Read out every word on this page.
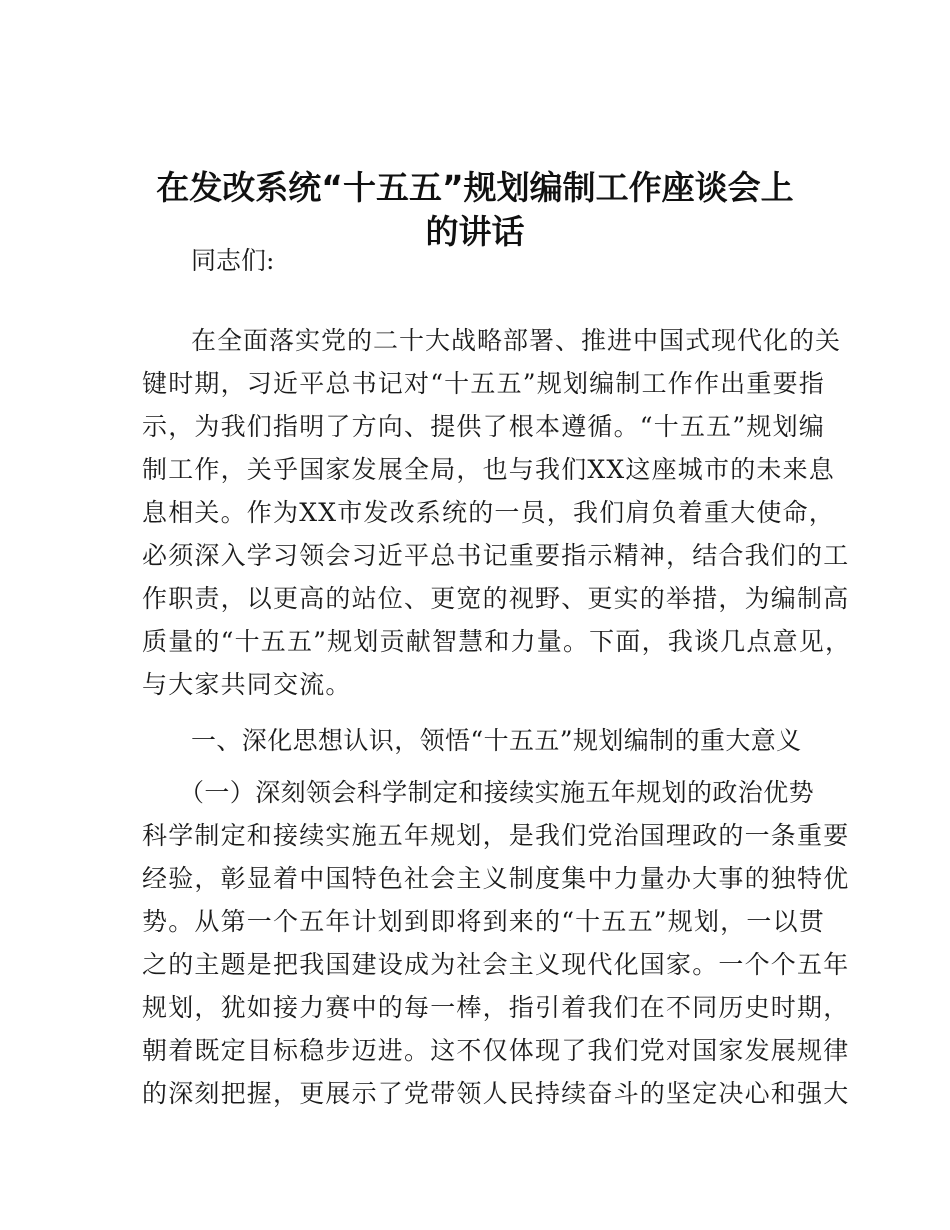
在发改系统“十五五”规划编制工作座谈会上
的讲话
同志们:
在全面落实党的二十大战略部署、推进中国式现代化的关
键时期，习近平总书记对“十五五”规划编制工作作出重要指
示，为我们指明了方向、提供了根本遵循。“十五五”规划编
制工作，关乎国家发展全局，也与我们XX这座城市的未来息
息相关。作为XX市发改系统的一员，我们肩负着重大使命，
必须深入学习领会习近平总书记重要指示精神，结合我们的工
作职责，以更高的站位、更宽的视野、更实的举措，为编制高
质量的“十五五”规划贡献智慧和力量。下面，我谈几点意见，
与大家共同交流。
一、深化思想认识，领悟“十五五”规划编制的重大意义
（一）深刻领会科学制定和接续实施五年规划的政治优势
科学制定和接续实施五年规划，是我们党治国理政的一条重要
经验，彰显着中国特色社会主义制度集中力量办大事的独特优
势。从第一个五年计划到即将到来的“十五五”规划，一以贯
之的主题是把我国建设成为社会主义现代化国家。一个个五年
规划，犹如接力赛中的每一棒，指引着我们在不同历史时期，
朝着既定目标稳步迈进。这不仅体现了我们党对国家发展规律
的深刻把握，更展示了党带领人民持续奋斗的坚定决心和强大
